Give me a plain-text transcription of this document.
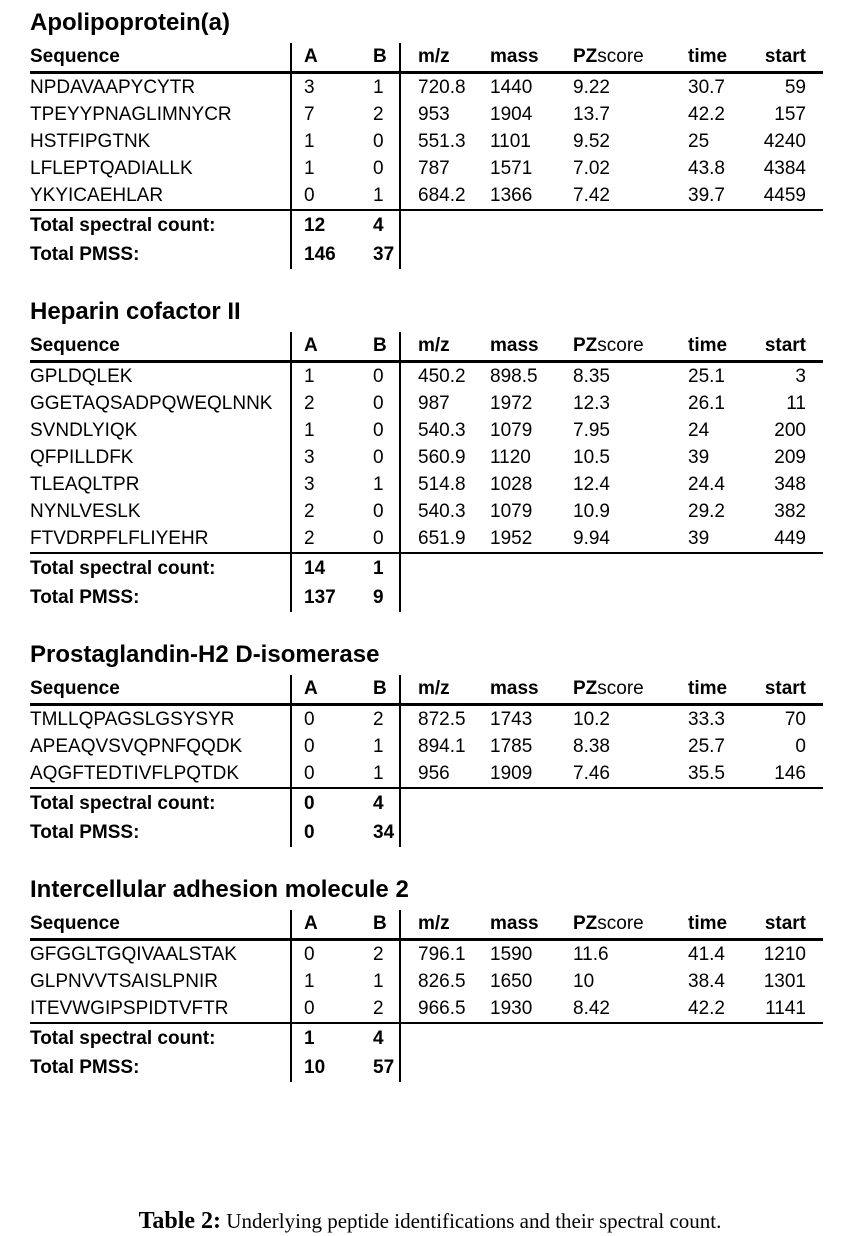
Apolipoprotein(a)
Sequence	A	B	m/z	mass	PZscore	time	start
NPDAVAAPYCYTR	3	1	720.8	1440	9.22	30.7	59
TPEYYPNAGLIMNYCR	7	2	953	1904	13.7	42.2	157
HSTFIPGTNK	1	0	551.3	1101	9.52	25	4240
LFLEPTQADIALLK	1	0	787	1571	7.02	43.8	4384
YKYICAEHLAR	0	1	684.2	1366	7.42	39.7	4459
Total spectral count:	12	4
Total PMSS:	146	37
Heparin cofactor II
Sequence	A	B	m/z	mass	PZscore	time	start
GPLDQLEK	1	0	450.2	898.5	8.35	25.1	3
GGETAQSADPQWEQLNNK	2	0	987	1972	12.3	26.1	11
SVNDLYIQK	1	0	540.3	1079	7.95	24	200
QFPILLDFK	3	0	560.9	1120	10.5	39	209
TLEAQLTPR	3	1	514.8	1028	12.4	24.4	348
NYNLVESLK	2	0	540.3	1079	10.9	29.2	382
FTVDRPFLFLIYEHR	2	0	651.9	1952	9.94	39	449
Total spectral count:	14	1
Total PMSS:	137	9
Prostaglandin-H2 D-isomerase
Sequence	A	B	m/z	mass	PZscore	time	start
TMLLQPAGSLGSYSYR	0	2	872.5	1743	10.2	33.3	70
APEAQVSVQPNFQQDK	0	1	894.1	1785	8.38	25.7	0
AQGFTEDTIVFLPQTDK	0	1	956	1909	7.46	35.5	146
Total spectral count:	0	4
Total PMSS:	0	34
Intercellular adhesion molecule 2
Sequence	A	B	m/z	mass	PZscore	time	start
GFGGLTGQIVAALSTAK	0	2	796.1	1590	11.6	41.4	1210
GLPNVVTSAISLPNIR	1	1	826.5	1650	10	38.4	1301
ITEVWGIPSPIDTVFTR	0	2	966.5	1930	8.42	42.2	1141
Total spectral count:	1	4
Total PMSS:	10	57
Table 2: Underlying peptide identifications and their spectral count.
